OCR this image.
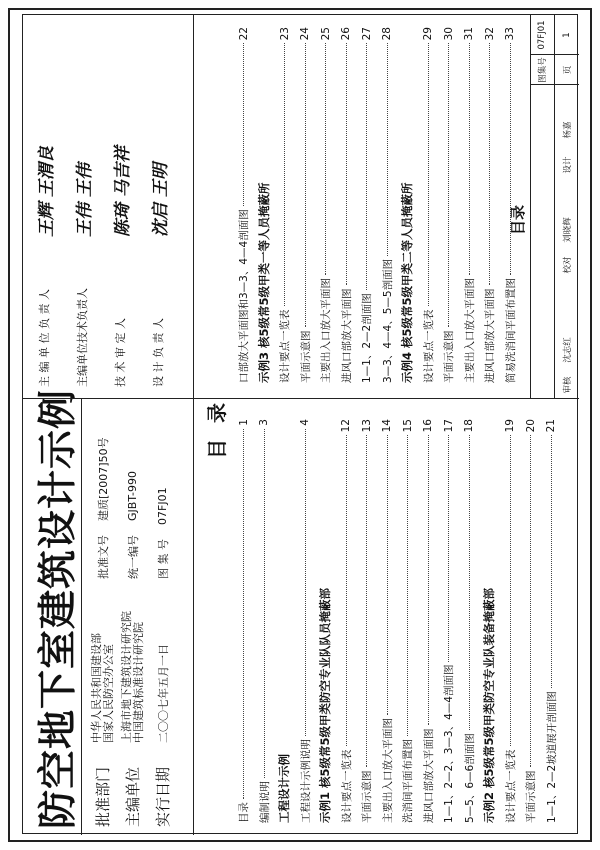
防空地下室建筑设计示例 批准部门
中华人民共和国建设部
国家人民防空办公室
批准文号
建质[2007]50号
主编单位
上海市地下建筑设计研究院
中国建筑标准设计研究院
统一编号
GJBT-990
实行日期
二〇〇七年五月一日
图 集 号
07FJ01
主 编 单 位 负 责 人
王辉 王渭良
主编单位技术负责人
王伟 王伟
技 术 审 定 人
陈琦 马吉祥
设 计 负 责 人
沈启 王明
目
录
目录
1
编制说明
3
工程设计示例 工程设计示例说明
4
示例1 核5级常5级甲类防空专业队队员掩蔽部 设计要点一览表
12
平面示意图
13
主要出入口放大平面图
14
洗消间平面布置图
15
进风口部放大平面图
16
1—1、2—2、3—3、4—4剖面图
17
5—5、6—6剖面图
18
示例2 核5级常5级甲类防空专业队装备掩蔽部 设计要点一览表
19
平面示意图
20
1—1、2—2坡道展开剖面图
21
口部放大平面图和3—3、4—4剖面图
22
示例3 核5级常5级甲类一等人员掩蔽所 设计要点一览表
23
平面示意图
24
主要出入口放大平面图
25
进风口部放大平面图
26
1—1、2—2剖面图
27
3—3、4—4、5—5剖面图
28
示例4 核5级常5级甲类二等人员掩蔽所 设计要点一览表
29
平面示意图
30
主要出入口放大平面图
31
进风口部放大平面图
32
简易洗消间平面布置图
33
目录
图集号
07FJ01
页
1
审核
沈志红
校对
刘晓辉
设计
杨嘉
